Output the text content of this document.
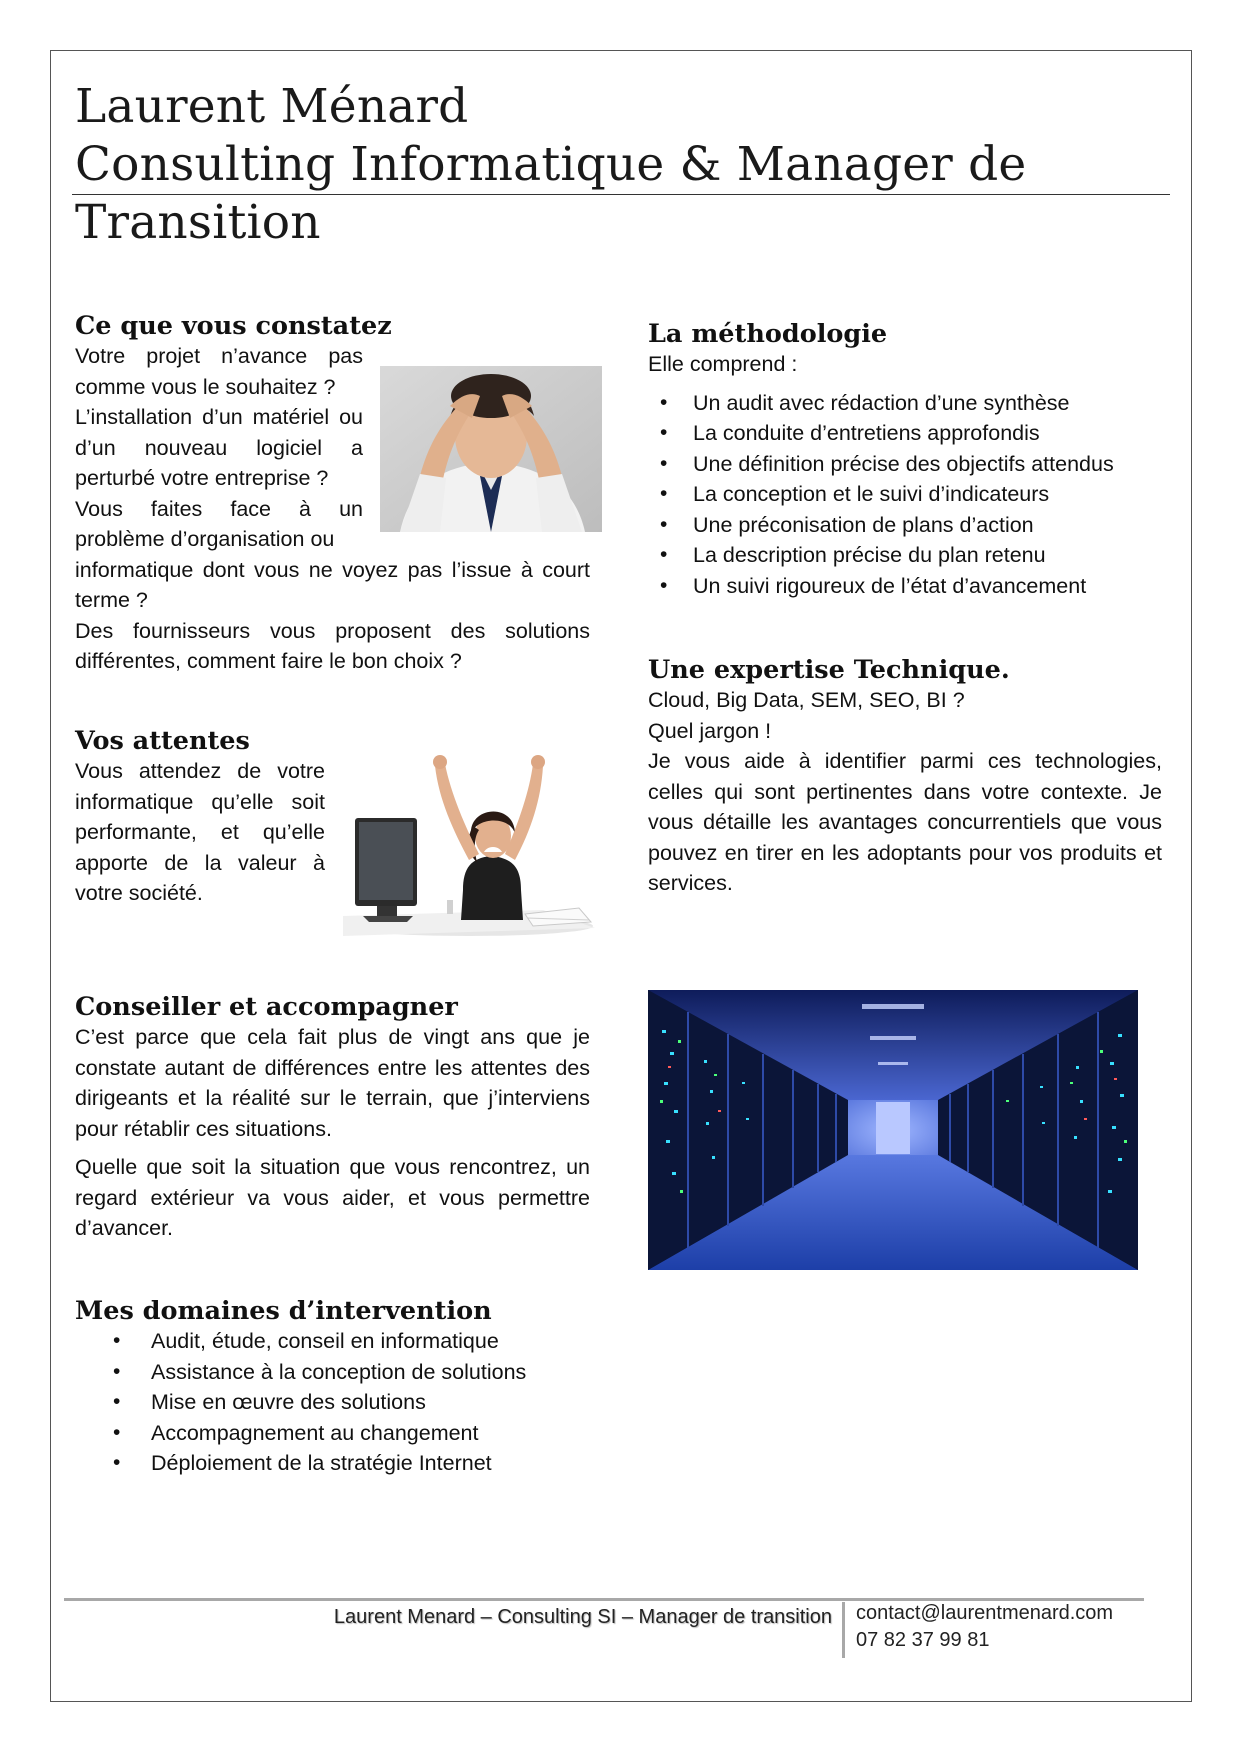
Laurent Ménard
Consulting Informatique & Manager de Transition
Ce que vous constatez

Votre projet n’avance pas comme vous le souhaitez ?

L’installation d’un matériel ou d’un nouveau logiciel a perturbé votre entreprise ?

Vous faites face à un problème d’organisation ou

informatique dont vous ne voyez pas l’issue à court terme ?

Des fournisseurs vous proposent des solutions différentes, comment faire le bon choix ?

Vos attentes

Vous attendez de votre informatique qu’elle soit performante, et qu’elle apporte de la valeur à votre société.

Conseiller et accompagner

C’est parce que cela fait plus de vingt ans que je constate autant de différences entre les attentes des dirigeants et la réalité sur le terrain, que j’interviens pour rétablir ces situations.

Quelle que soit la situation que vous rencontrez, un regard extérieur va vous aider, et vous permettre d’avancer.

Mes domaines d’intervention
• Audit, étude, conseil en informatique
• Assistance à la conception de solutions
• Mise en œuvre des solutions
• Accompagnement au changement
• Déploiement de la stratégie Internet
La méthodologie

Elle comprend :

• Un audit avec rédaction d’une synthèse
• La conduite d’entretiens approfondis
• Une définition précise des objectifs attendus
• La conception et le suivi d’indicateurs
• Une préconisation de plans d’action
• La description précise du plan retenu
• Un suivi rigoureux de l’état d’avancement
Une expertise Technique.

Cloud, Big Data, SEM, SEO, BI ?

Quel jargon !

Je vous aide à identifier parmi ces technologies, celles qui sont pertinentes dans votre contexte. Je vous détaille les avantages concurrentiels que vous pouvez en tirer en les adoptants pour vos produits et services.

Laurent Menard – Consulting SI – Manager de transition contact@laurentmenard.com
07 82 37 99 81
